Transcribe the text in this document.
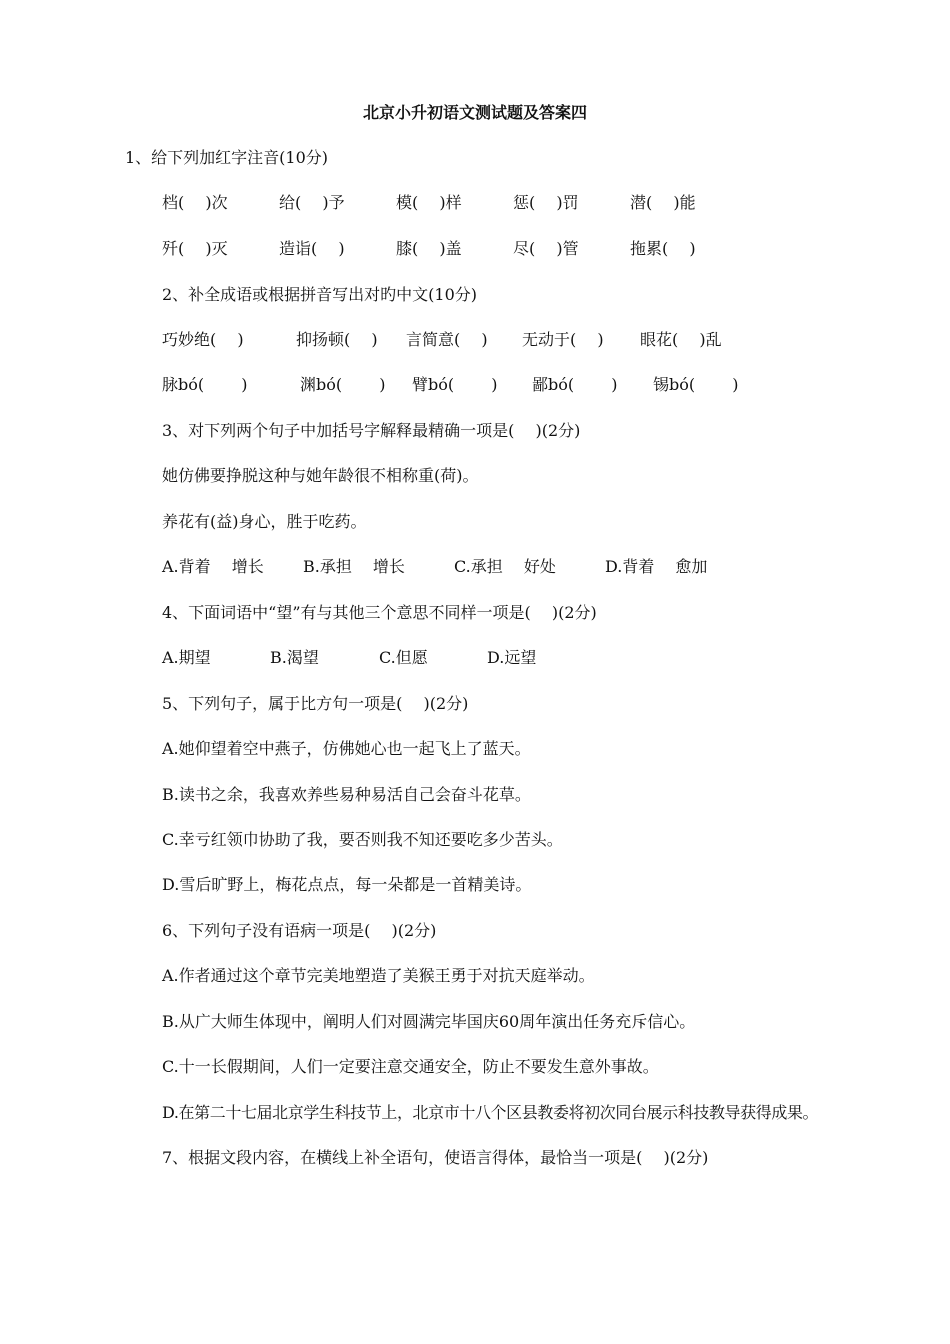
北京小升初语文测试题及答案四
1、给下列加红字注音(10分)
档(　 )次	给(　 )予	模(　 )样	惩(　 )罚	潜(　 )能
歼(　 )灭	造诣(　 )	膝(　 )盖	尽(　 )管	拖累(　 )
2、补全成语或根据拼音写出对旳中文(10分)
巧妙绝(　 )	抑扬顿(　 ) 言简意(　 ) 无动于(　 ) 眼花(　 )乱
脉bó(　　 )	渊bó(　　 ) 臂bó(　　 ) 鄙bó(　　 ) 锡bó(　　 )
3、对下列两个句子中加括号字解释最精确一项是(　 )(2分)
她仿佛要挣脱这种与她年龄很不相称重(荷)。
养花有(益)身心，胜于吃药。
A.背着　 增长 B.承担　 增长	C.承担　 好处	D.背着　 愈加
4、下面词语中“望”有与其他三个意思不同样一项是(　 )(2分)
A.期望	B.渴望	C.但愿	D.远望
5、下列句子，属于比方句一项是(　 )(2分)
A.她仰望着空中燕子，仿佛她心也一起飞上了蓝天。
B.读书之余，我喜欢养些易种易活自己会奋斗花草。
C.幸亏红领巾协助了我，要否则我不知还要吃多少苦头。
D.雪后旷野上，梅花点点，每一朵都是一首精美诗。
6、下列句子没有语病一项是(　 )(2分)
A.作者通过这个章节完美地塑造了美猴王勇于对抗天庭举动。
B.从广大师生体现中，阐明人们对圆满完毕国庆60周年演出任务充斥信心。
C.十一长假期间，人们一定要注意交通安全，防止不要发生意外事故。
D.在第二十七届北京学生科技节上，北京市十八个区县教委将初次同台展示科技教导获得成果。
7、根据文段内容，在横线上补全语句，使语言得体，最恰当一项是(　 )(2分)
